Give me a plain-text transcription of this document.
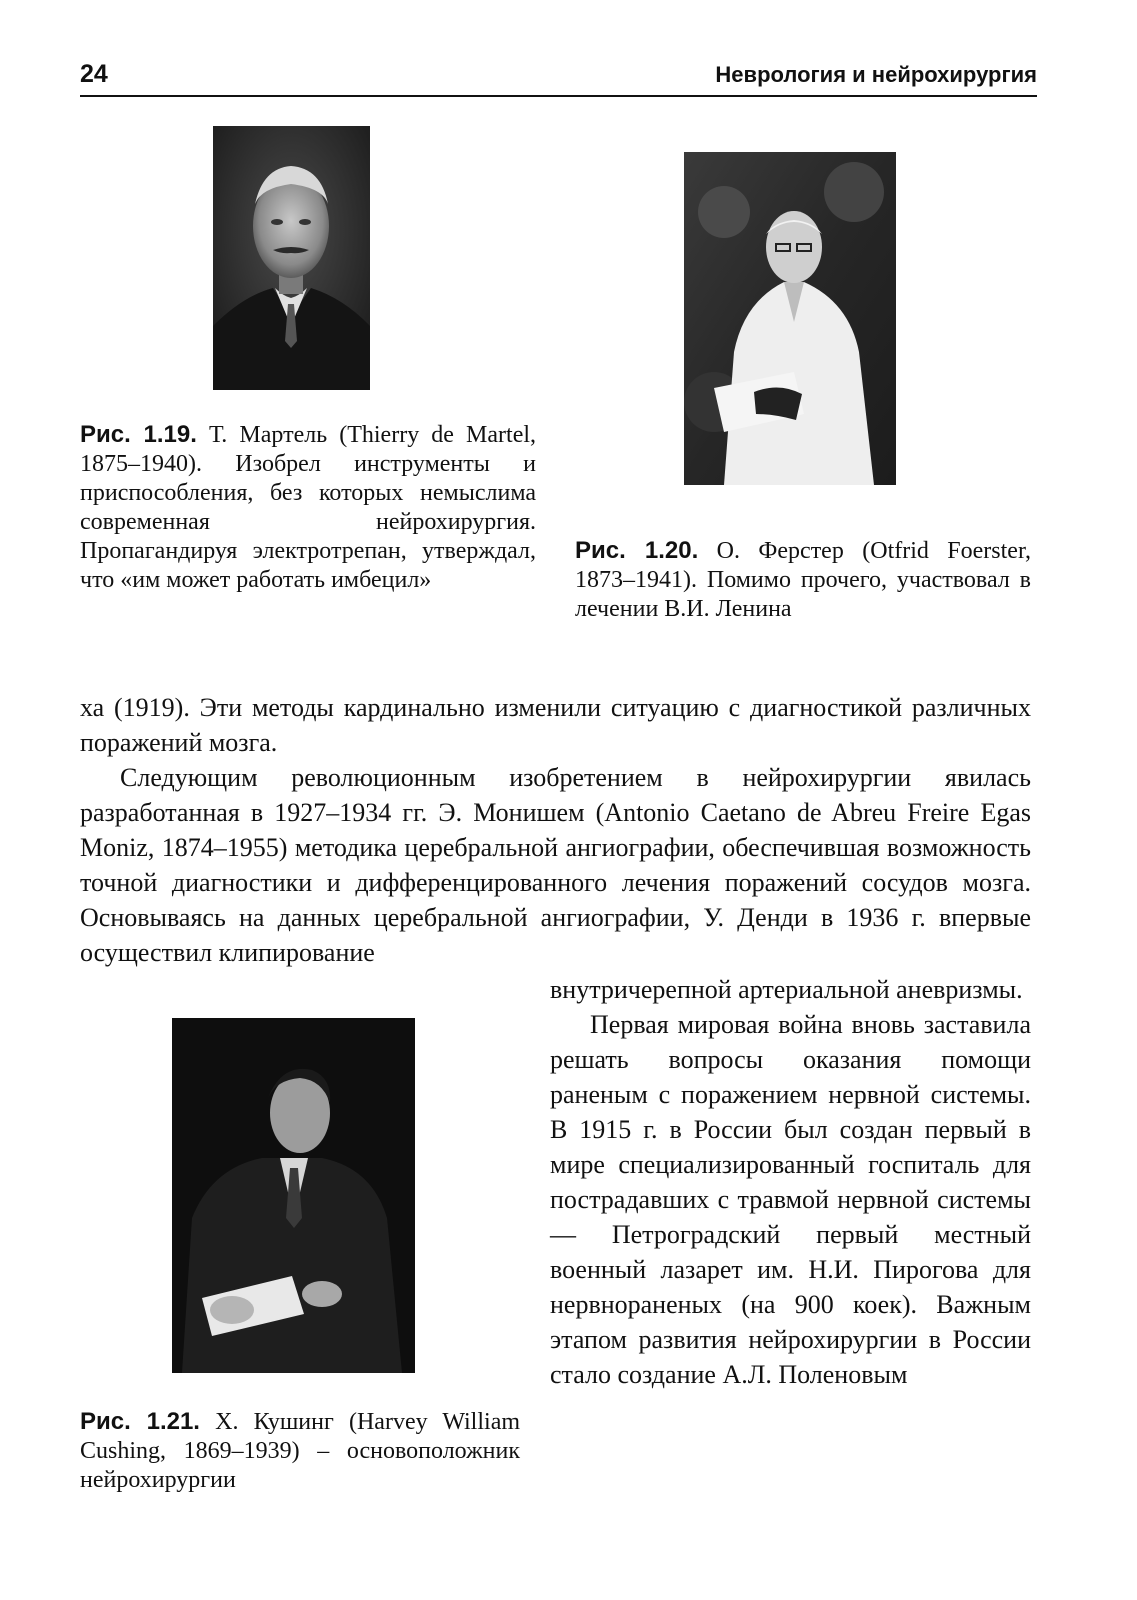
24	Неврология и нейрохирургия
Рис. 1.19. Т. Мартель (Thierry de Martel, 1875–1940). Изобрел инструменты и приспособления, без которых немыслима современная нейрохирургия. Пропагандируя электротрепан, утверждал, что «им может работать имбецил»
Рис. 1.20. О. Ферстер (Otfrid Foerster, 1873–1941). Помимо прочего, участвовал в лечении В.И. Ленина

ха (1919). Эти методы кардинально изменили ситуацию с диагностикой различных поражений мозга.

Следующим революционным изобретением в нейрохирургии явилась разработанная в 1927–1934 гг. Э. Монишем (Antonio Caetano de Abreu Freire Egas Moniz, 1874–1955) методика церебральной ангиографии, обеспечившая возможность точной диагностики и дифференцированного лечения поражений сосудов мозга. Основываясь на данных церебральной ангиографии, У. Денди в 1936 г. впервые осуществил клипирование

Рис. 1.21. Х. Кушинг (Harvey William Cushing, 1869–1939) – основоположник нейрохирургии

внутричерепной артериальной аневризмы.

Первая мировая война вновь заставила решать вопросы оказания помощи раненым с поражением нервной системы. В 1915 г. в России был создан первый в мире специализированный госпиталь для пострадавших с травмой нервной системы — Петроградский первый местный военный лазарет им. Н.И. Пирогова для нервнораненых (на 900 коек). Важным этапом развития нейрохирургии в России стало создание А.Л. Поленовым
